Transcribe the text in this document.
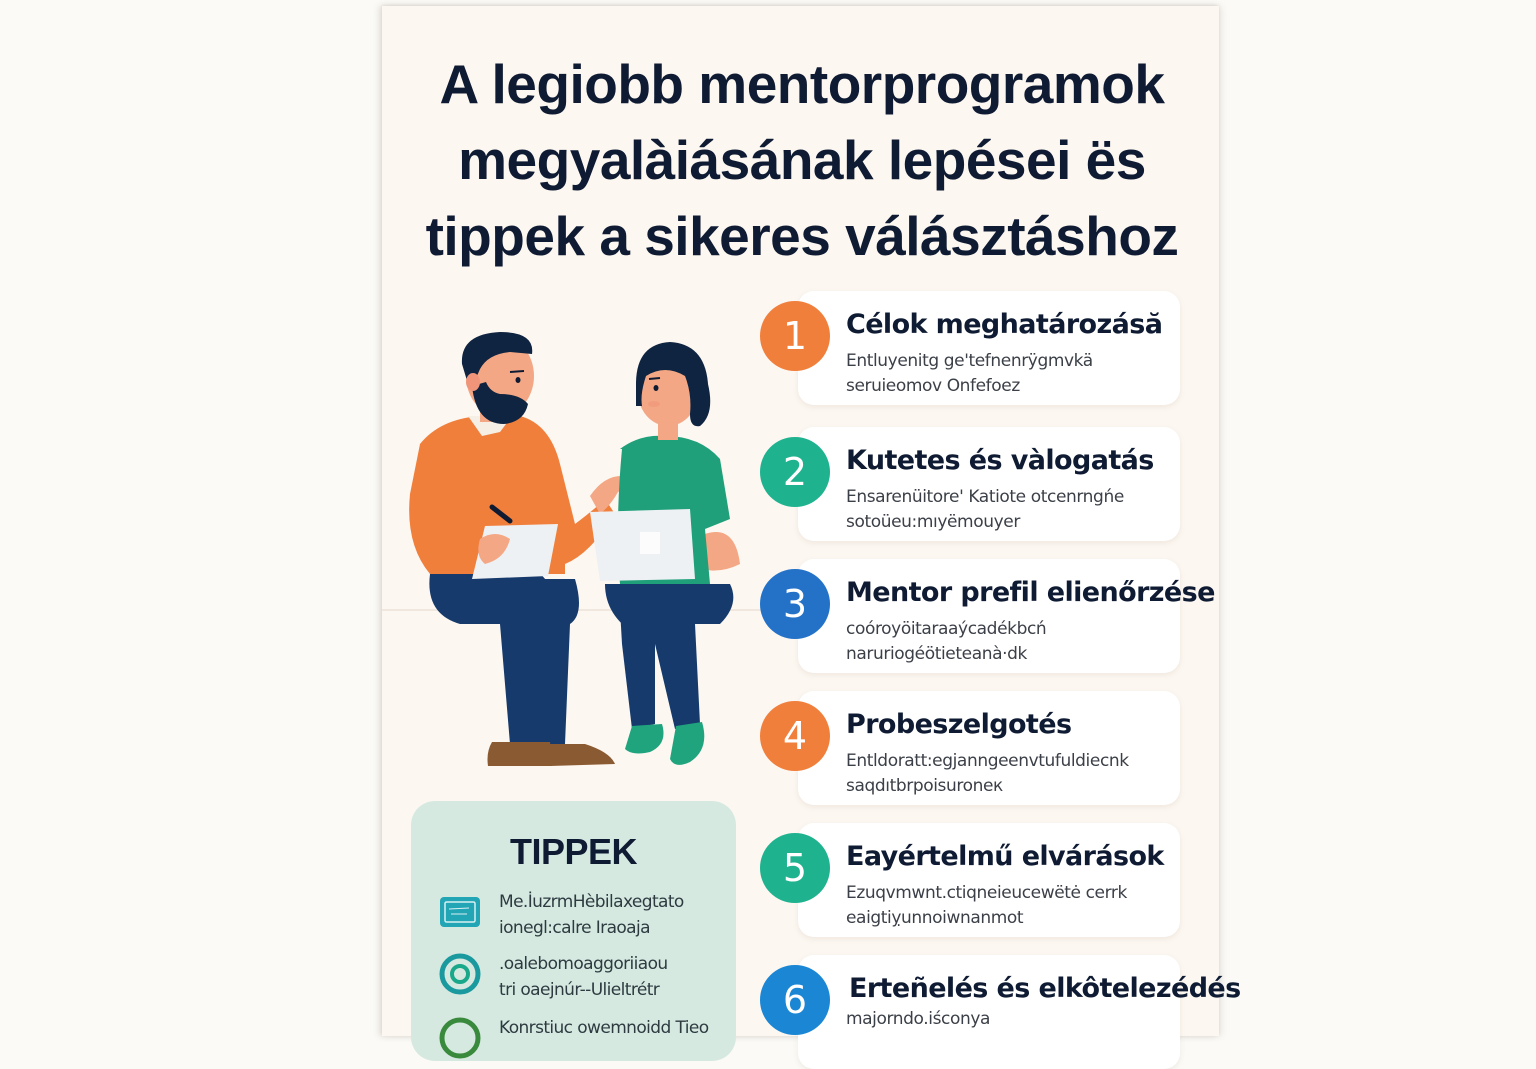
A legiobb mentorprogramok
megyalàiásának lepései ës
tippek a sikeres válásztáshoz
1	Célok meghatározásă
Entluyenitg ge'tefnenrÿgmvkä
seruieomov Onfefoez
2	Kutetes és vàlogatás
Ensarenüitore' Katiote otcenrngńe
sotoüeu:mıyëmouyer
3	Mentor prefil elienőrzése
coóroyöitaraaýcadékbcń
naruriogéötieteanà·dk
4	Probeszelgotés
Entldoratt:egjanngeenvtufuldiecnk
saqdıtbrpoisuroneк
5	Eayértelmű elvárások
Ezuqvmwnt.ctiqneieucewëtė cerrk
eaigtiỵunnoiwnanmot
6	Erteñelés és elkôtelezédés
majorndo.iśconya
TIPPEK
Me.İuzrmHèbilaxegtato
ionegl:calre Iraoaja
.oalebomoaggoriiaou
tri oaejnúr--Ulieltrétr
Konrstiuc owemnoidd Tieo
